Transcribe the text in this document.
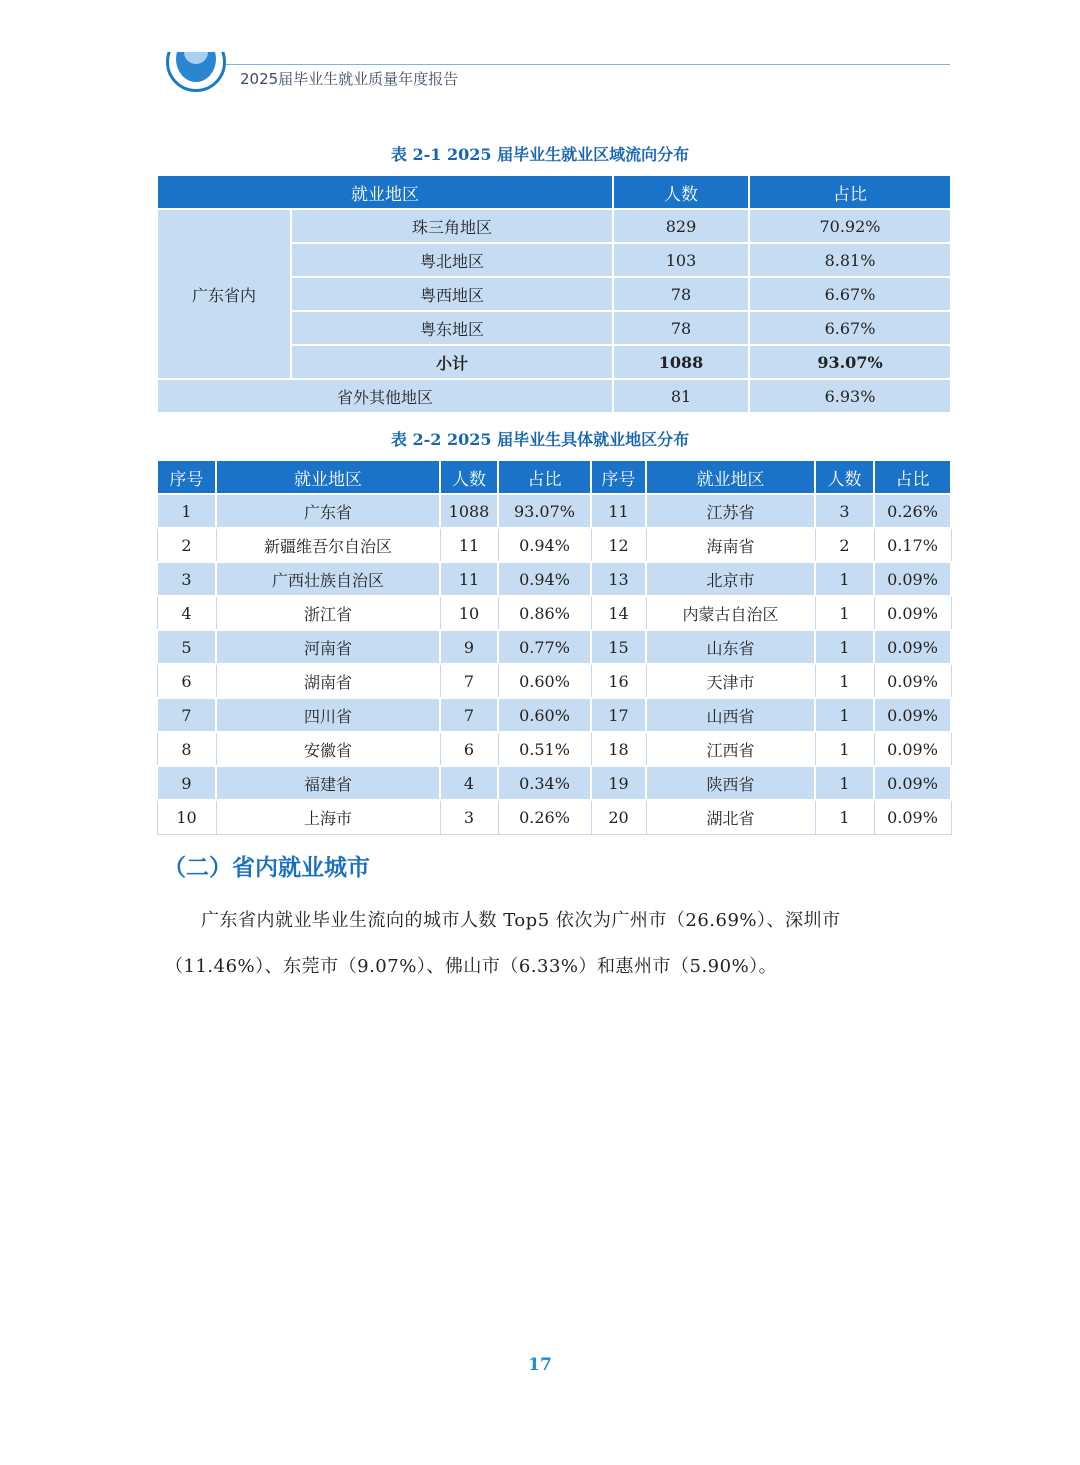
2025届毕业生就业质量年度报告
表 2-1 2025 届毕业生就业区域流向分布
就业地区		人数	占比
广东省内	珠三角地区	829	70.92%
	粤北地区	103	8.81%
	粤西地区	78	6.67%
	粤东地区	78	6.67%
	小计	1088	93.07%
省外其他地区		81	6.93%
表 2-2 2025 届毕业生具体就业地区分布
序号	就业地区	人数	占比	序号	就业地区	人数	占比
1	广东省	1088	93.07%	11	江苏省	3	0.26%
2	新疆维吾尔自治区	11	0.94%	12	海南省	2	0.17%
3	广西壮族自治区	11	0.94%	13	北京市	1	0.09%
4	浙江省	10	0.86%	14	内蒙古自治区	1	0.09%
5	河南省	9	0.77%	15	山东省	1	0.09%
6	湖南省	7	0.60%	16	天津市	1	0.09%
7	四川省	7	0.60%	17	山西省	1	0.09%
8	安徽省	6	0.51%	18	江西省	1	0.09%
9	福建省	4	0.34%	19	陕西省	1	0.09%
10	上海市	3	0.26%	20	湖北省	1	0.09%
（二）省内就业城市
广东省内就业毕业生流向的城市人数 Top5 依次为广州市（26.69%）、深圳市（11.46%）、东莞市（9.07%）、佛山市（6.33%）和惠州市（5.90%）。
17
